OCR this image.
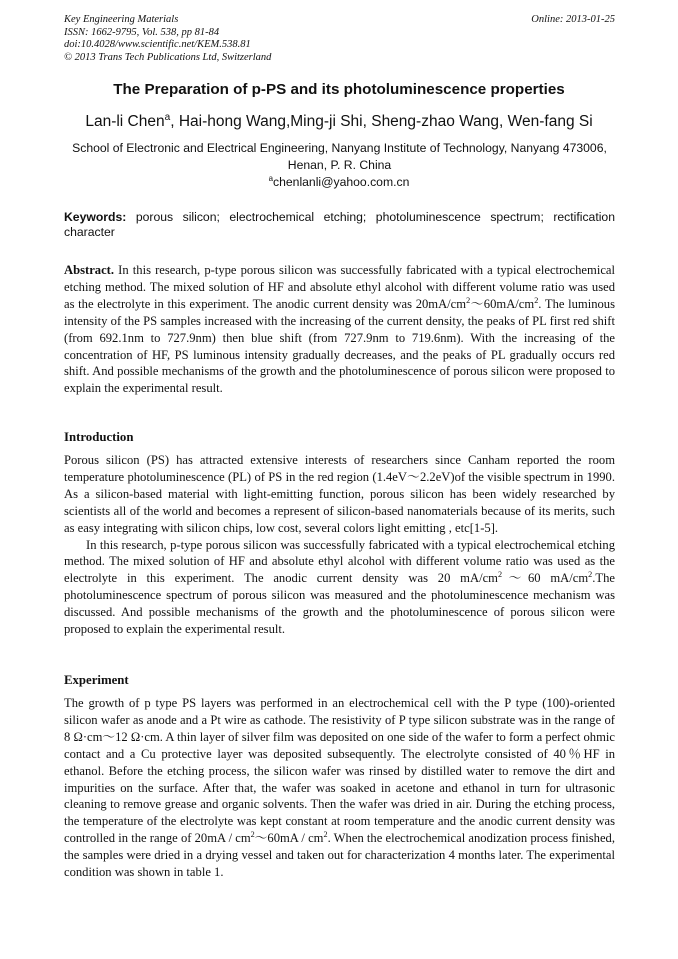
Key Engineering Materials
ISSN: 1662-9795, Vol. 538, pp 81-84
doi:10.4028/www.scientific.net/KEM.538.81
© 2013 Trans Tech Publications Ltd, Switzerland
Online: 2013-01-25
The Preparation of p-PS and its photoluminescence properties
Lan-li Chen$^a$, Hai-hong Wang,Ming-ji Shi, Sheng-zhao Wang, Wen-fang Si
School of Electronic and Electrical Engineering, Nanyang Institute of Technology, Nanyang 473006, Henan, P. R. China
$^a$chenlanli@yahoo.com.cn
Keywords: porous silicon; electrochemical etching; photoluminescence spectrum; rectification character
Abstract. In this research, p-type porous silicon was successfully fabricated with a typical electrochemical etching method. The mixed solution of HF and absolute ethyl alcohol with different volume ratio was used as the electrolyte in this experiment. The anodic current density was $20mA/cm^2\sim 60mA/cm^2$. The luminous intensity of the PS samples increased with the increasing of the current density, the peaks of PL first red shift (from 692.1nm to 727.9nm) then blue shift (from 727.9nm to 719.6nm). With the increasing of the concentration of HF, PS luminous intensity gradually decreases, and the peaks of PL gradually occurs red shift. And possible mechanisms of the growth and the photoluminescence of porous silicon were proposed to explain the experimental result.
Introduction
Porous silicon (PS) has attracted extensive interests of researchers since Canham reported the room temperature photoluminescence (PL) of PS in the red region (1.4eV～2.2eV)of the visible spectrum in 1990. As a silicon-based material with light-emitting function, porous silicon has been widely researched by scientists all of the world and becomes a represent of silicon-based nanomaterials because of its merits, such as easy integrating with silicon chips, low cost, several colors light emitting , etc[1-5].
In this research, p-type porous silicon was successfully fabricated with a typical electrochemical etching method. The mixed solution of HF and absolute ethyl alcohol with different volume ratio was used as the electrolyte in this experiment. The anodic current density was 20 $mA/cm^2\sim 60$ $mA/cm^2.The$ photoluminescence spectrum of porous silicon was measured and the photoluminescence mechanism was discussed. And possible mechanisms of the growth and the photoluminescence of porous silicon were proposed to explain the experimental result.
Experiment
The growth of p type PS layers was performed in an electrochemical cell with the P type (100)-oriented silicon wafer as anode and a Pt wire as cathode. The resistivity of P type silicon substrate was in the range of 8 Ω·cm～12 Ω·cm. A thin layer of silver film was deposited on one side of the wafer to form a perfect ohmic contact and a Cu protective layer was deposited subsequently. The electrolyte consisted of 40％HF in ethanol. Before the etching process, the silicon wafer was rinsed by distilled water to remove the dirt and impurities on the surface. After that, the wafer was soaked in acetone and ethanol in turn for ultrasonic cleaning to remove grease and organic solvents. Then the wafer was dried in air. During the etching process, the temperature of the electrolyte was kept constant at room temperature and the anodic current density was controlled in the range of $20mA / cm^2\sim 60mA / cm^2$. When the electrochemical anodization process finished, the samples were dried in a drying vessel and taken out for characterization 4 months later. The experimental condition was shown in table 1.
